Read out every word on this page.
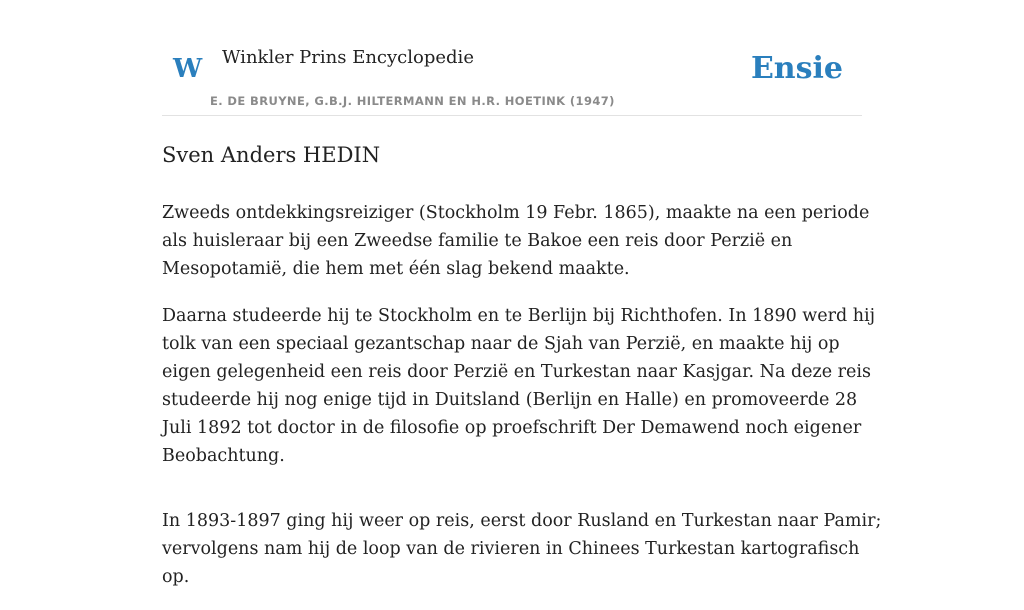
W Winkler Prins Encyclopedie
E. DE BRUYNE, G.B.J. HILTERMANN EN H.R. HOETINK (1947)
Ensie
Sven Anders HEDIN

Zweeds ontdekkingsreiziger (Stockholm 19 Febr. 1865), maakte na een periode als huisleraar bij een Zweedse familie te Bakoe een reis door Perzië en Mesopotamië, die hem met één slag bekend maakte.

Daarna studeerde hij te Stockholm en te Berlijn bij Richthofen. In 1890 werd hij tolk van een speciaal gezantschap naar de Sjah van Perzië, en maakte hij op eigen gelegenheid een reis door Perzië en Turkestan naar Kasjgar. Na deze reis studeerde hij nog enige tijd in Duitsland (Berlijn en Halle) en promoveerde 28 Juli 1892 tot doctor in de filosofie op proefschrift Der Demawend noch eigener Beobachtung.

In 1893-1897 ging hij weer op reis, eerst door Rusland en Turkestan naar Pamir; vervolgens nam hij de loop van de rivieren in Chinees Turkestan kartografisch op.
